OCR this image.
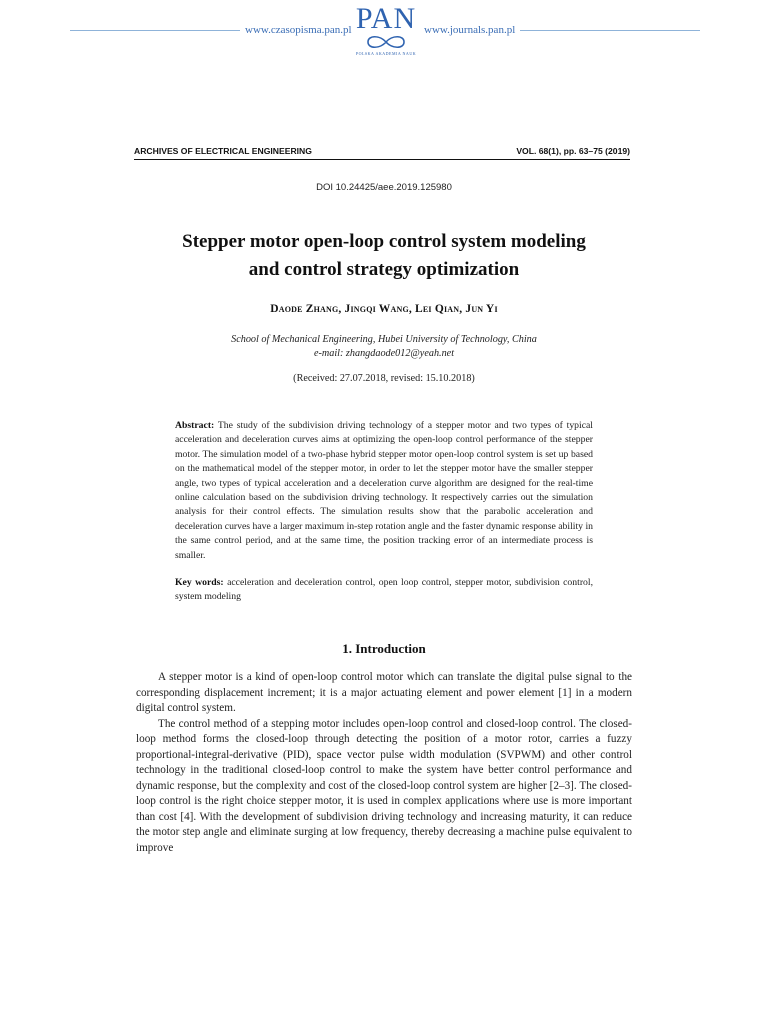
www.czasopisma.pan.pl PAN
POLSKA AKADEMIA NAUK
www.journals.pan.pl
ARCHIVES OF ELECTRICAL ENGINEERING	VOL. 68(1), pp. 63–75 (2019)
DOI 10.24425/aee.2019.125980
Stepper motor open-loop control system modeling
and control strategy optimization
Daode Zhang, Jingqi Wang, Lei Qian, Jun Yi
School of Mechanical Engineering, Hubei University of Technology, China
e-mail: zhangdaode012@yeah.net
(Received: 27.07.2018, revised: 15.10.2018)
Abstract: The study of the subdivision driving technology of a stepper motor and two types of typical acceleration and deceleration curves aims at optimizing the open-loop control performance of the stepper motor. The simulation model of a two-phase hybrid stepper motor open-loop control system is set up based on the mathematical model of the stepper motor, in order to let the stepper motor have the smaller stepper angle, two types of typical acceleration and a deceleration curve algorithm are designed for the real-time online calculation based on the subdivision driving technology. It respectively carries out the simulation analysis for their control effects. The simulation results show that the parabolic acceleration and deceleration curves have a larger maximum in-step rotation angle and the faster dynamic response ability in the same control period, and at the same time, the position tracking error of an intermediate process is smaller.
Key words: acceleration and deceleration control, open loop control, stepper motor, subdivision control, system modeling
1. Introduction

A stepper motor is a kind of open-loop control motor which can translate the digital pulse signal to the corresponding displacement increment; it is a major actuating element and power element [1] in a modern digital control system.

The control method of a stepping motor includes open-loop control and closed-loop control. The closed-loop method forms the closed-loop through detecting the position of a motor rotor, carries a fuzzy proportional-integral-derivative (PID), space vector pulse width modulation (SVPWM) and other control technology in the traditional closed-loop control to make the system have better control performance and dynamic response, but the complexity and cost of the closed-loop control system are higher [2–3]. The closed-loop control is the right choice stepper motor, it is used in complex applications where use is more important than cost [4]. With the development of subdivision driving technology and increasing maturity, it can reduce the motor step angle and eliminate surging at low frequency, thereby decreasing a machine pulse equivalent to improve
